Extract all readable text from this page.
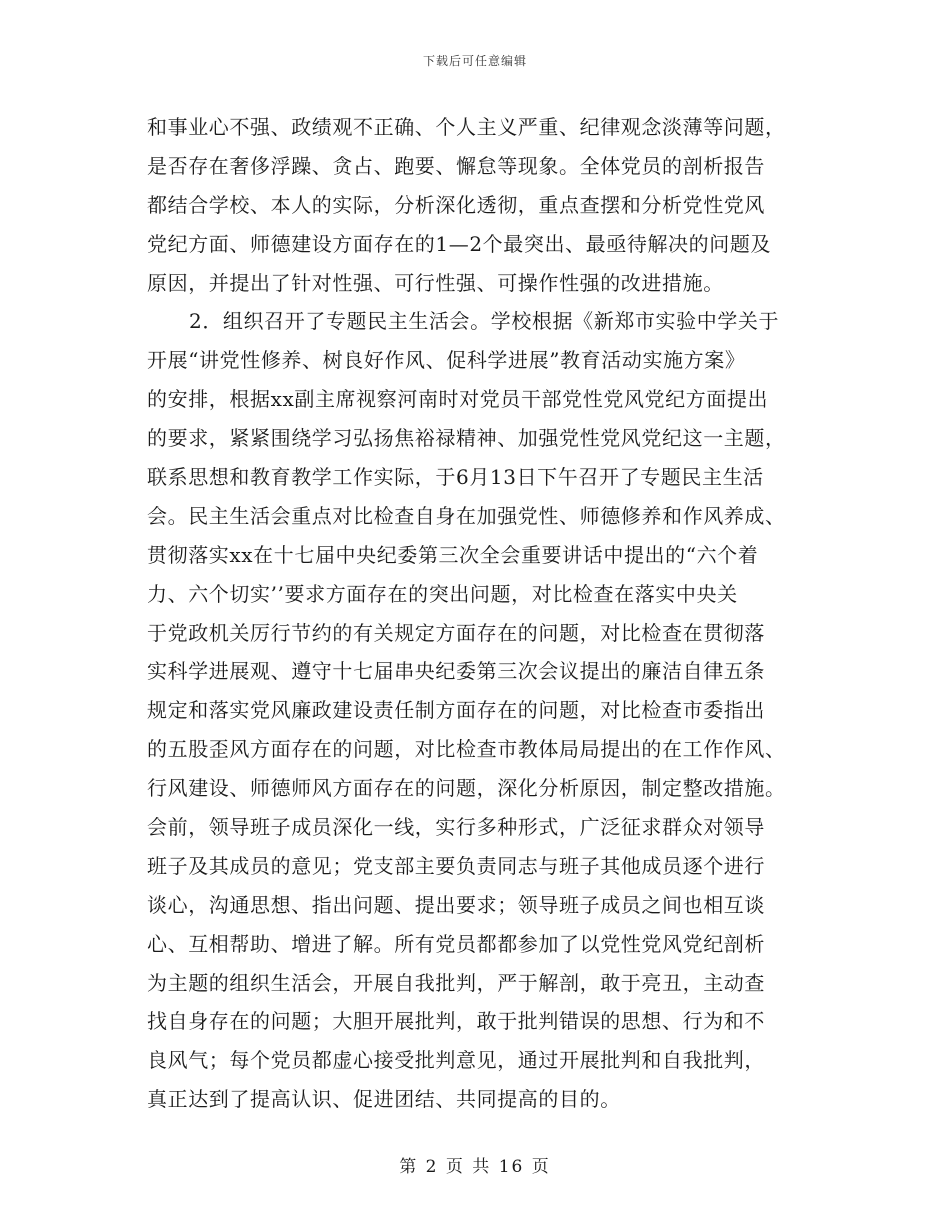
下载后可任意编辑
和事业心不强、政绩观不正确、个人主义严重、纪律观念淡薄等问题，
是否存在奢侈浮躁、贪占、跑要、懈怠等现象。全体党员的剖析报告
都结合学校、本人的实际，分析深化透彻，重点查摆和分析党性党风
党纪方面、师德建设方面存在的1—2个最突出、最亟待解决的问题及
原因，并提出了针对性强、可行性强、可操作性强的改进措施。
2．组织召开了专题民主生活会。学校根据《新郑市实验中学关于
开展“讲党性修养、树良好作风、促科学进展”教育活动实施方案》
的安排，根据xx副主席视察河南时对党员干部党性党风党纪方面提出
的要求，紧紧围绕学习弘扬焦裕禄精神、加强党性党风党纪这一主题，
联系思想和教育教学工作实际，于6月13日下午召开了专题民主生活
会。民主生活会重点对比检查自身在加强党性、师德修养和作风养成、
贯彻落实xx在十七届中央纪委第三次全会重要讲话中提出的“六个着
力、六个切实’’要求方面存在的突出问题，对比检查在落实中央关
于党政机关厉行节约的有关规定方面存在的问题，对比检查在贯彻落
实科学进展观、遵守十七届串央纪委第三次会议提出的廉洁自律五条
规定和落实党风廉政建设责任制方面存在的问题，对比检查市委指出
的五股歪风方面存在的问题，对比检查市教体局局提出的在工作作风、
行风建设、师德师风方面存在的问题，深化分析原因，制定整改措施。
会前，领导班子成员深化一线，实行多种形式，广泛征求群众对领导
班子及其成员的意见；党支部主要负责同志与班子其他成员逐个进行
谈心，沟通思想、指出问题、提出要求；领导班子成员之间也相互谈
心、互相帮助、增进了解。所有党员都都参加了以党性党风党纪剖析
为主题的组织生活会，开展自我批判，严于解剖，敢于亮丑，主动查
找自身存在的问题；大胆开展批判，敢于批判错误的思想、行为和不
良风气；每个党员都虚心接受批判意见，通过开展批判和自我批判，
真正达到了提高认识、促进团结、共同提高的目的。
第 2 页 共 16 页
